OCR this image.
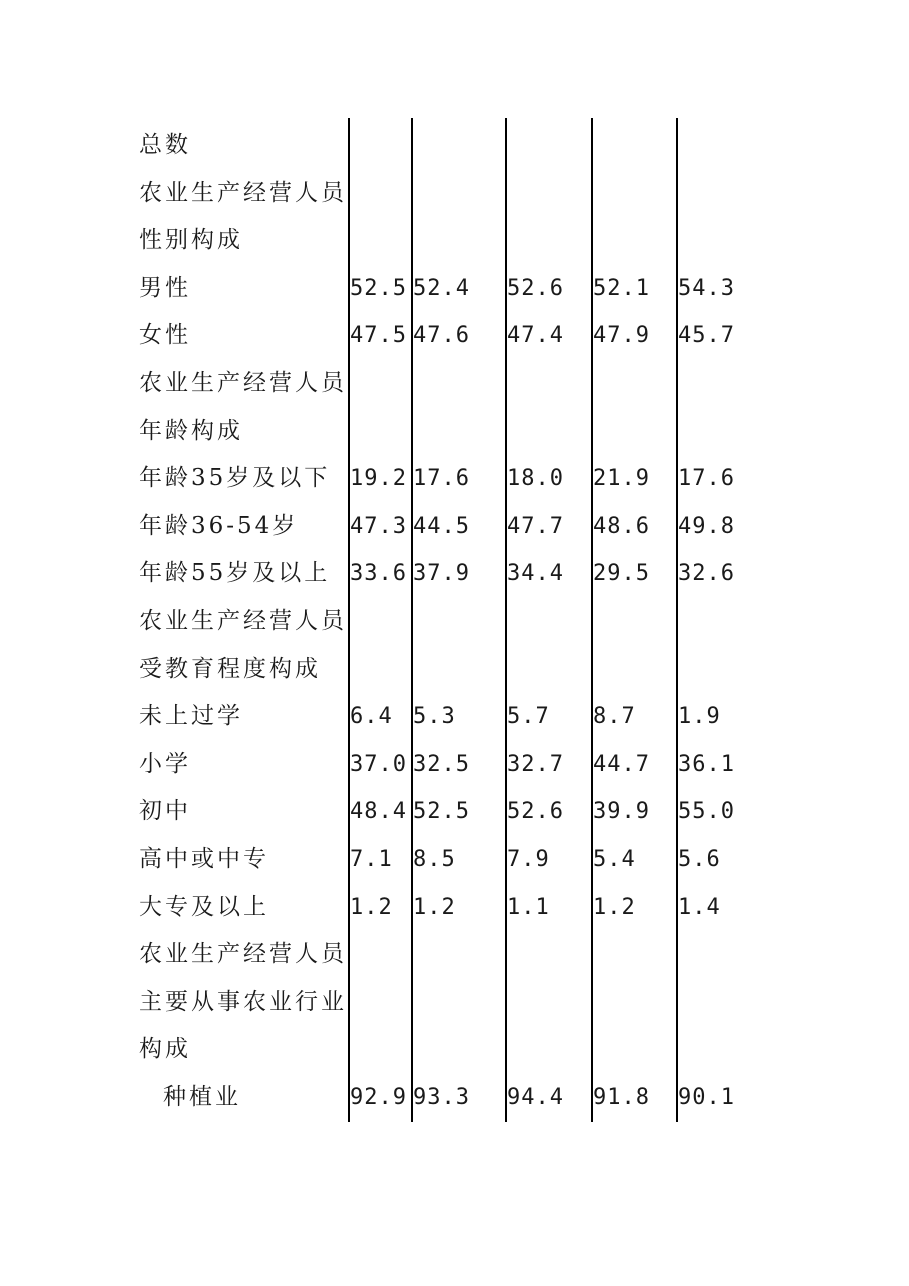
总数
农业生产经营人员
性别构成
男性	52.5 52.4 52.6 52.1 54.3
女性	47.5 47.6 47.4 47.9 45.7
农业生产经营人员
年龄构成
年龄35岁及以下 19.2 17.6 18.0 21.9 17.6
年龄36-54岁 47.3 44.5 47.7 48.6 49.8
年龄55岁及以上 33.6 37.9 34.4 29.5 32.6
农业生产经营人员
受教育程度构成
未上过学	6.4 5.3 5.7 8.7 1.9
小学	37.0 32.5 32.7 44.7 36.1
初中	48.4 52.5 52.6 39.9 55.0
高中或中专	7.1 8.5 7.9 5.4 5.6
大专及以上	1.2 1.2 1.1 1.2 1.4
农业生产经营人员
主要从事农业行业
构成
种植业	92.9 93.3 94.4 91.8 90.1
